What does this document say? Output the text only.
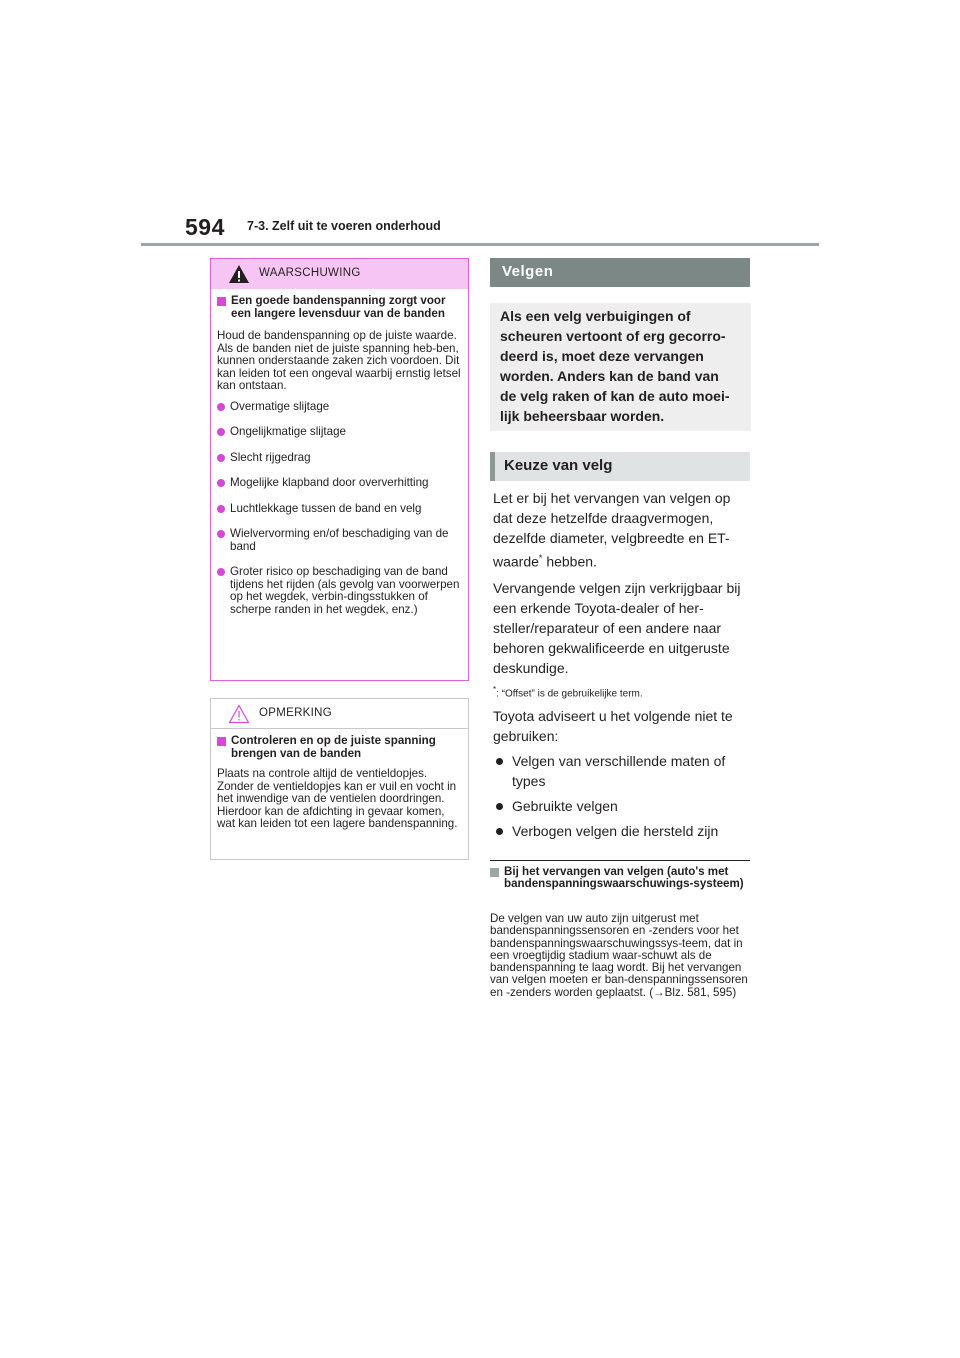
594 7-3. Zelf uit te voeren onderhoud
WAARSCHUWING
Een goede bandenspanning zorgt voor een langere levensduur van de banden
Houd de bandenspanning op de juiste waarde.
Als de banden niet de juiste spanning heb-ben, kunnen onderstaande zaken zich voordoen. Dit kan leiden tot een ongeval waarbij ernstig letsel kan ontstaan.
Overmatige slijtage
Ongelijkmatige slijtage
Slecht rijgedrag
Mogelijke klapband door oververhitting
Luchtlekkage tussen de band en velg
Wielvervorming en/of beschadiging van de band
Groter risico op beschadiging van de band tijdens het rijden (als gevolg van voorwerpen op het wegdek, verbin-dingsstukken of scherpe randen in het wegdek, enz.)
OPMERKING
Controleren en op de juiste spanning brengen van de banden
Plaats na controle altijd de ventieldopjes. Zonder de ventieldopjes kan er vuil en vocht in het inwendige van de ventielen doordringen. Hierdoor kan de afdichting in gevaar komen, wat kan leiden tot een lagere bandenspanning.
Velgen
Als een velg verbuigingen of
scheuren vertoont of erg gecorro-
deerd is, moet deze vervangen
worden. Anders kan de band van
de velg raken of kan de auto moei-
lijk beheersbaar worden.
Keuze van velg
Let er bij het vervangen van velgen op dat deze hetzelfde draagvermogen, dezelfde diameter, velgbreedte en ET-waarde* hebben.
Vervangende velgen zijn verkrijgbaar bij een erkende Toyota-dealer of her-steller/reparateur of een andere naar behoren gekwalificeerde en uitgeruste deskundige.
*: “Offset” is de gebruikelijke term.
Toyota adviseert u het volgende niet te gebruiken:
Velgen van verschillende maten of types
Gebruikte velgen
Verbogen velgen die hersteld zijn
Bij het vervangen van velgen (auto's met bandenspanningswaarschuwings-systeem)
De velgen van uw auto zijn uitgerust met bandenspanningssensoren en -zenders voor het bandenspanningswaarschuwingssys-teem, dat in een vroegtijdig stadium waar-schuwt als de bandenspanning te laag wordt. Bij het vervangen van velgen moeten er ban-denspanningssensoren en -zenders worden geplaatst. (→Blz. 581, 595)
